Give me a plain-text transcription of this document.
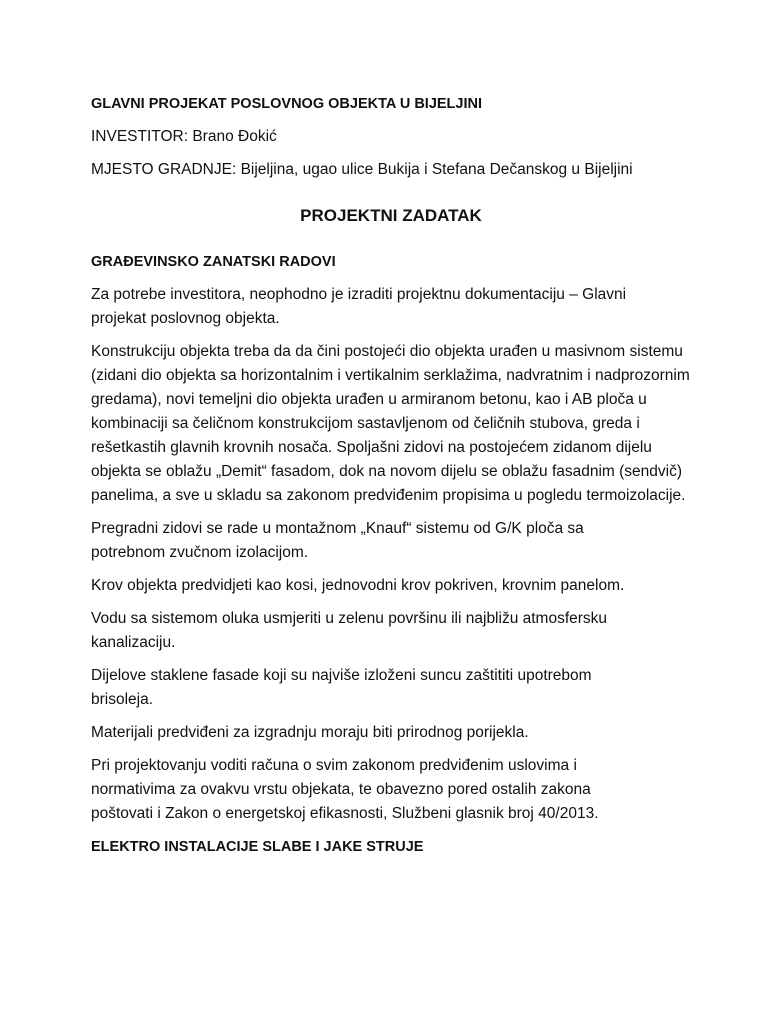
GLAVNI PROJEKAT POSLOVNOG OBJEKTA U BIJELJINI

INVESTITOR: Brano Đokić

MJESTO GRADNJE: Bijeljina, ugao ulice Bukija i Stefana Dečanskog u Bijeljini

PROJEKTNI ZADATAK

GRAĐEVINSKO ZANATSKI RADOVI

Za potrebe investitora, neophodno je izraditi projektnu dokumentaciju – Glavni projekat poslovnog objekta.

Konstrukciju objekta treba da da čini postojeći dio objekta urađen u masivnom sistemu (zidani dio objekta sa horizontalnim i vertikalnim serklažima, nadvratnim i nadprozornim gredama), novi temeljni dio objekta urađen u armiranom betonu, kao i AB ploča u kombinaciji sa čeličnom konstrukcijom sastavljenom od čeličnih stubova, greda i rešetkastih glavnih krovnih nosača. Spoljašni zidovi na postojećem zidanom dijelu objekta se oblažu „Demit“ fasadom, dok na novom dijelu se oblažu fasadnim (sendvič) panelima, a sve u skladu sa zakonom predviđenim propisima u pogledu termoizolacije.

Pregradni zidovi se rade u montažnom „Knauf“ sistemu od G/K ploča sa potrebnom zvučnom izolacijom.

Krov objekta predvidjeti kao kosi, jednovodni krov pokriven, krovnim panelom.

Vodu sa sistemom oluka usmjeriti u zelenu površinu ili najbližu atmosfersku kanalizaciju.

Dijelove staklene fasade koji su najviše izloženi suncu zaštititi upotrebom brisoleja.

Materijali predviđeni za izgradnju moraju biti prirodnog porijekla.

Pri projektovanju voditi računa o svim zakonom predviđenim uslovima i normativima za ovakvu vrstu objekata, te obavezno pored ostalih zakona poštovati i Zakon o energetskoj efikasnosti, Službeni glasnik broj 40/2013.

ELEKTRO INSTALACIJE SLABE I JAKE STRUJE
